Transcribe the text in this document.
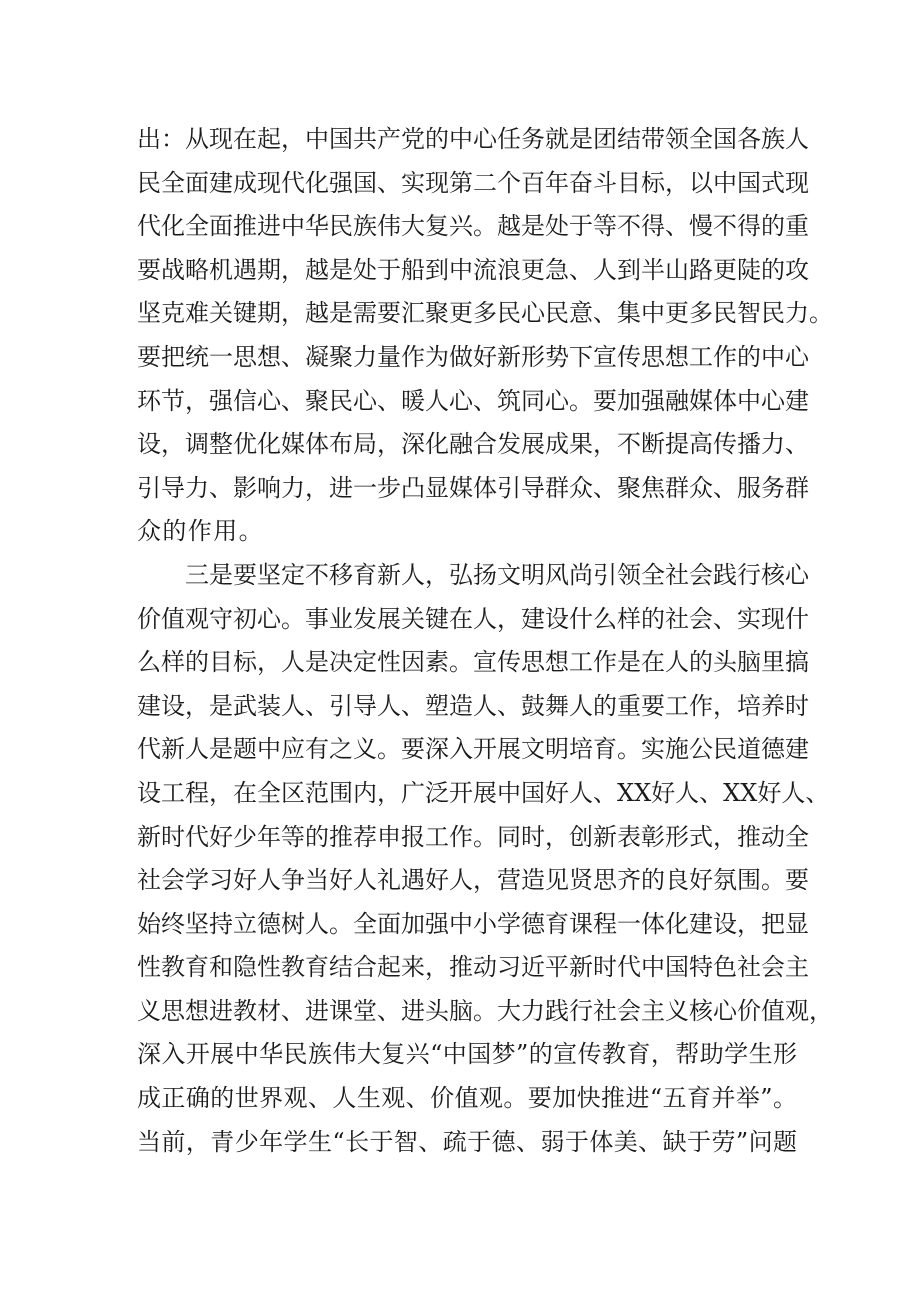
出：从现在起，中国共产党的中心任务就是团结带领全国各族人
民全面建成现代化强国、实现第二个百年奋斗目标，以中国式现
代化全面推进中华民族伟大复兴。越是处于等不得、慢不得的重
要战略机遇期，越是处于船到中流浪更急、人到半山路更陡的攻
坚克难关键期，越是需要汇聚更多民心民意、集中更多民智民力。
要把统一思想、凝聚力量作为做好新形势下宣传思想工作的中心
环节，强信心、聚民心、暖人心、筑同心。要加强融媒体中心建
设，调整优化媒体布局，深化融合发展成果，不断提高传播力、
引导力、影响力，进一步凸显媒体引导群众、聚焦群众、服务群
众的作用。
三是要坚定不移育新人，弘扬文明风尚引领全社会践行核心
价值观守初心。事业发展关键在人，建设什么样的社会、实现什
么样的目标，人是决定性因素。宣传思想工作是在人的头脑里搞
建设，是武装人、引导人、塑造人、鼓舞人的重要工作，培养时
代新人是题中应有之义。要深入开展文明培育。实施公民道德建
设工程，在全区范围内，广泛开展中国好人、XX好人、XX好人、
新时代好少年等的推荐申报工作。同时，创新表彰形式，推动全
社会学习好人争当好人礼遇好人，营造见贤思齐的良好氛围。要
始终坚持立德树人。全面加强中小学德育课程一体化建设，把显
性教育和隐性教育结合起来，推动习近平新时代中国特色社会主
义思想进教材、进课堂、进头脑。大力践行社会主义核心价值观，
深入开展中华民族伟大复兴“中国梦”的宣传教育，帮助学生形
成正确的世界观、人生观、价值观。要加快推进“五育并举”。
当前，青少年学生“长于智、疏于德、弱于体美、缺于劳”问题
